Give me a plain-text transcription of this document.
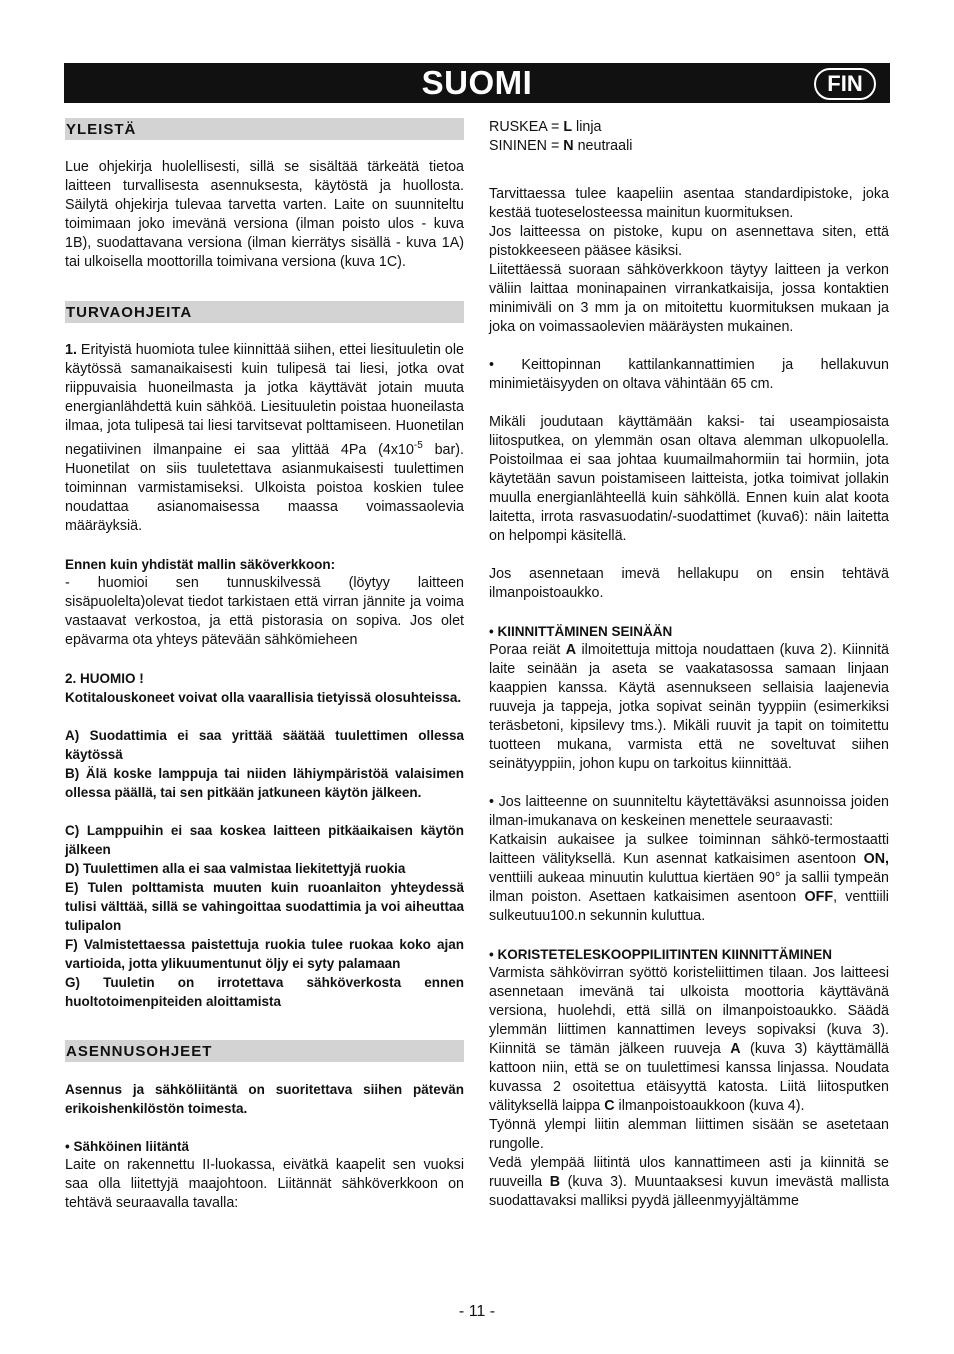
SUOMI	FIN
YLEISTÄ

Lue ohjekirja huolellisesti, sillä se sisältää tärkeätä tietoa laitteen turvallisesta asennuksesta, käytöstä ja huollosta. Säilytä ohjekirja tulevaa tarvetta varten. Laite on suunniteltu toimimaan joko imevänä versiona (ilman poisto ulos - kuva 1B), suodattavana versiona (ilman kierrätys sisällä - kuva 1A) tai ulkoisella moottorilla toimivana versiona (kuva 1C).

TURVAOHJEITA

1. Erityistä huomiota tulee kiinnittää siihen, ettei liesituuletin ole käytössä samanaikaisesti kuin tulipesä tai liesi, jotka ovat riippuvaisia huoneilmasta ja jotka käyttävät jotain muuta energianlähdettä kuin sähköä. Liesituuletin poistaa huoneilasta ilmaa, jota tulipesä tai liesi tarvitsevat polttamiseen. Huonetilan negatiivinen ilmanpaine ei saa ylittää 4Pa ($4x10^{-5}$ bar). Huonetilat on siis tuuletettava asianmukaisesti tuulettimen toiminnan varmistamiseksi. Ulkoista poistoa koskien tulee noudattaa asianomaisessa maassa voimassaolevia määräyksiä.

Ennen kuin yhdistät mallin säköverkkoon:

- huomioi sen tunnuskilvessä (löytyy laitteen sisäpuolelta)olevat tiedot tarkistaen että virran jännite ja voima vastaavat verkostoa, ja että pistorasia on sopiva. Jos olet epävarma ota yhteys pätevään sähkömieheen

2. HUOMIO !

Kotitalouskoneet voivat olla vaarallisia tietyissä olosuhteissa.

A) Suodattimia ei saa yrittää säätää tuulettimen ollessa käytössä

B) Älä koske lamppuja tai niiden lähiympäristöä valaisimen ollessa päällä, tai sen pitkään jatkuneen käytön jälkeen.

C) Lamppuihin ei saa koskea laitteen pitkäaikaisen käytön jälkeen

D) Tuulettimen alla ei saa valmistaa liekitettyjä ruokia

E) Tulen polttamista muuten kuin ruoanlaiton yhteydessä tulisi välttää, sillä se vahingoittaa suodattimia ja voi aiheuttaa tulipalon

F) Valmistettaessa paistettuja ruokia tulee ruokaa koko ajan vartioida, jotta ylikuumentunut öljy ei syty palamaan

G) Tuuletin on irrotettava sähköverkosta ennen huoltotoimenpiteiden aloittamista

ASENNUSOHJEET

Asennus ja sähköliitäntä on suoritettava siihen pätevän erikoishenkilöstön toimesta.

• Sähköinen liitäntä

Laite on rakennettu II-luokassa, eivätkä kaapelit sen vuoksi saa olla liitettyjä maajohtoon. Liitännät sähköverkkoon on tehtävä seuraavalla tavalla:

RUSKEA = L linja

SININEN = N neutraali

Tarvittaessa tulee kaapeliin asentaa standardipistoke, joka kestää tuoteselosteessa mainitun kuormituksen.

Jos laitteessa on pistoke, kupu on asennettava siten, että pistokkeeseen pääsee käsiksi.

Liitettäessä suoraan sähköverkkoon täytyy laitteen ja verkon väliin laittaa moninapainen virrankatkaisija, jossa kontaktien minimiväli on 3 mm ja on mitoitettu kuormituksen mukaan ja joka on voimassaolevien määräysten mukainen.

• Keittopinnan kattilankannattimien ja hellakuvun minimietäisyyden on oltava vähintään 65 cm.

Mikäli joudutaan käyttämään kaksi- tai useampiosaista liitosputkea, on ylemmän osan oltava alemman ulkopuolella. Poistoilmaa ei saa johtaa kuumailmahormiin tai hormiin, jota käytetään savun poistamiseen laitteista, jotka toimivat jollakin muulla energianlähteellä kuin sähköllä. Ennen kuin alat koota laitetta, irrota rasvasuodatin/-suodattimet (kuva6): näin laitetta on helpompi käsitellä.

Jos asennetaan imevä hellakupu on ensin tehtävä ilmanpoistoaukko.

• KIINNITTÄMINEN SEINÄÄN

Poraa reiät A ilmoitettuja mittoja noudattaen (kuva 2). Kiinnitä laite seinään ja aseta se vaakatasossa samaan linjaan kaappien kanssa. Käytä asennukseen sellaisia laajenevia ruuveja ja tappeja, jotka sopivat seinän tyyppiin (esimerkiksi teräsbetoni, kipsilevy tms.). Mikäli ruuvit ja tapit on toimitettu tuotteen mukana, varmista että ne soveltuvat siihen seinätyyppiin, johon kupu on tarkoitus kiinnittää.

• Jos laitteenne on suunniteltu käytettäväksi asunnoissa joiden ilman-imukanava on keskeinen menettele seuraavasti:

Katkaisin aukaisee ja sulkee toiminnan sähkö-termostaatti laitteen välityksellä. Kun asennat katkaisimen asentoon ON, venttiili aukeaa minuutin kuluttua kiertäen 90° ja sallii tympeän ilman poiston. Asettaen katkaisimen asentoon OFF, venttiili sulkeutuu100.n sekunnin kuluttua.

• KORISTETELESKOOPPILIITINTEN KIINNITTÄMINEN

Varmista sähkövirran syöttö koristeliittimen tilaan. Jos laitteesi asennetaan imevänä tai ulkoista moottoria käyttävänä versiona, huolehdi, että sillä on ilmanpoistoaukko. Säädä ylemmän liittimen kannattimen leveys sopivaksi (kuva 3). Kiinnitä se tämän jälkeen ruuveja A (kuva 3) käyttämällä kattoon niin, että se on tuulettimesi kanssa linjassa. Noudata kuvassa 2 osoitettua etäisyyttä katosta. Liitä liitosputken välityksellä laippa C ilmanpoistoaukkoon (kuva 4).

Työnnä ylempi liitin alemman liittimen sisään se asetetaan rungolle.

Vedä ylempää liitintä ulos kannattimeen asti ja kiinnitä se ruuveilla B (kuva 3). Muuntaaksesi kuvun imevästä mallista suodattavaksi malliksi pyydä jälleenmyyjältämme

- 11 -
